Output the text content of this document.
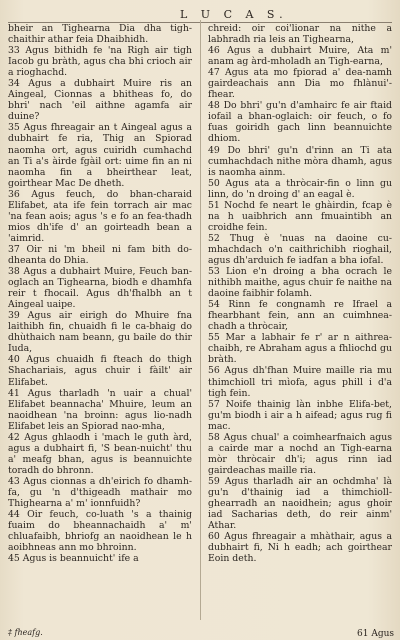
L U C A S.

bheir an Tighearna Dia dha tigh-chaithir athar feia Dhaibhidh.

33 Agus bithidh fe 'na Righ air tigh Iacob gu bràth, agus cha bhi crioch air a rioghachd.

34 Agus a dubhairt Muire ris an Aingeal, Cionnas a bhitheas fo, do bhri' nach 'eil aithne agamfa air duine?

35 Agus fhreagair an t Aingeal agus a dubhairt fe ria, Thig an Spiorad naomha ort, agus cuiridh cumhachd an Ti a's àirde fgàil ort: uime fin an ni naomha fin a bheirthear leat, goirthear Mac De dheth.

36 Agus feuch, do bhan-charaid Elifabet, ata ife fein torrach air mac 'na fean aois; agus 's e fo an fea-thadh mios dh'ife d' an goirteadh bean a 'aimrid.

37 Oir ni 'm bheil ni fam bith do-dheanta do Dhia.

38 Agus a dubhairt Muire, Feuch ban-oglach an Tighearna, biodh e dhamhfa reir t fhocail. Agus dh'fhalbh an t Aingeal uaipe.

39 Agus air eirigh do Mhuire fna laithibh fin, chuaidh fi le ca-bhaig do dhùthaich nam beann, gu baile do thir Iuda,

40 Agus chuaidh fi fteach do thigh Shachariais, agus chuir i fàilt' air Elifabet.

41 Agus tharladh 'n uair a chual' Elifabet beannacha' Mhuire, leum an naoidhean 'na broinn: agus lio-nadh Elifabet leis an Spiorad nao-mha,

42 Agus ghlaodh i 'mach le guth àrd, agus a dubhairt fi, 'S bean-nuicht' thu a' meafg bhan, agus is beannuichte toradh do bhronn.

43 Agus cionnas a dh'eirich fo dhamh-fa, gu 'n d'thigeadh mathair mo Thighearna a' m' ionnfuidh?

44 Oir feuch, co-luath 's a thainig fuaim do bheannachaidh a' m' chluafaibh, bhriofg an naoidhean le h aoibhneas ann mo bhroinn.

45 Agus is beannuicht' ife a

chreid: oir coi'lionar na nithe a labhradh ria leis an Tighearna,

46 Agus a dubhairt Muire, Ata m' anam ag àrd-mholadh an Tigh-earna,

47 Agus ata mo fpiorad a' dea-namh gairdeachais ann Dia mo fhlànui'-fhear.

48 Do bhri' gu'n d'amhairc fe air ftaid iofail a bhan-oglaich: oir feuch, o fo fuas goiridh gach linn beannuichte dhiom.

49 Do bhri' gu'n d'rinn an Ti ata cumhachdach nithe mòra dhamh, agus is naomha ainm.

50 Agus ata a thròcair-fin o linn gu linn, do 'n droing d' an eagal è.

51 Nochd fe neart le ghàirdin, fcap è na h uaibhrich ann fmuaintibh an croidhe fein.

52 Thug è 'nuas na daoine cu-mhachdach o'n caithrichibh rioghail, agus dh'arduich fe iadfan a bha iofal.

53 Lion e'n droing a bha ocrach le nithibh maithe, agus chuir fe naithe na daoine faibhir folamh.

54 Rinn fe congnamh re Ifrael a fhearbhant fein, ann an cuimhnea-chadh a thròcair,

55 Mar a labhair fe r' ar n aithrea-chaibh, re Abraham agus a fhliochd gu bràth.

56 Agus dh'fhan Muire maille ria mu thimchioll tri mìofa, agus phill i d'a tigh fein.

57 Noife thainig làn inbhe Elifa-bet, gu'm biodh i air a h aifead; agus rug fi mac.

58 Agus chual' a coimhearfnaich agus a cairde mar a nochd an Tigh-earna mòr thròcair dh'i; agus rinn iad gairdeachas maille ria.

59 Agus tharladh air an ochdmha' là gu'n d'thainig iad a thimchioll-ghearradh an naoidhein; agus ghoir iad Sacharias deth, do reir ainm' Athar.

60 Agus fhreagair a mhàthair, agus a dubhairt fi, Ni h eadh; ach goirthear Eoin deth.

‡ fheafg.	61 Agus
